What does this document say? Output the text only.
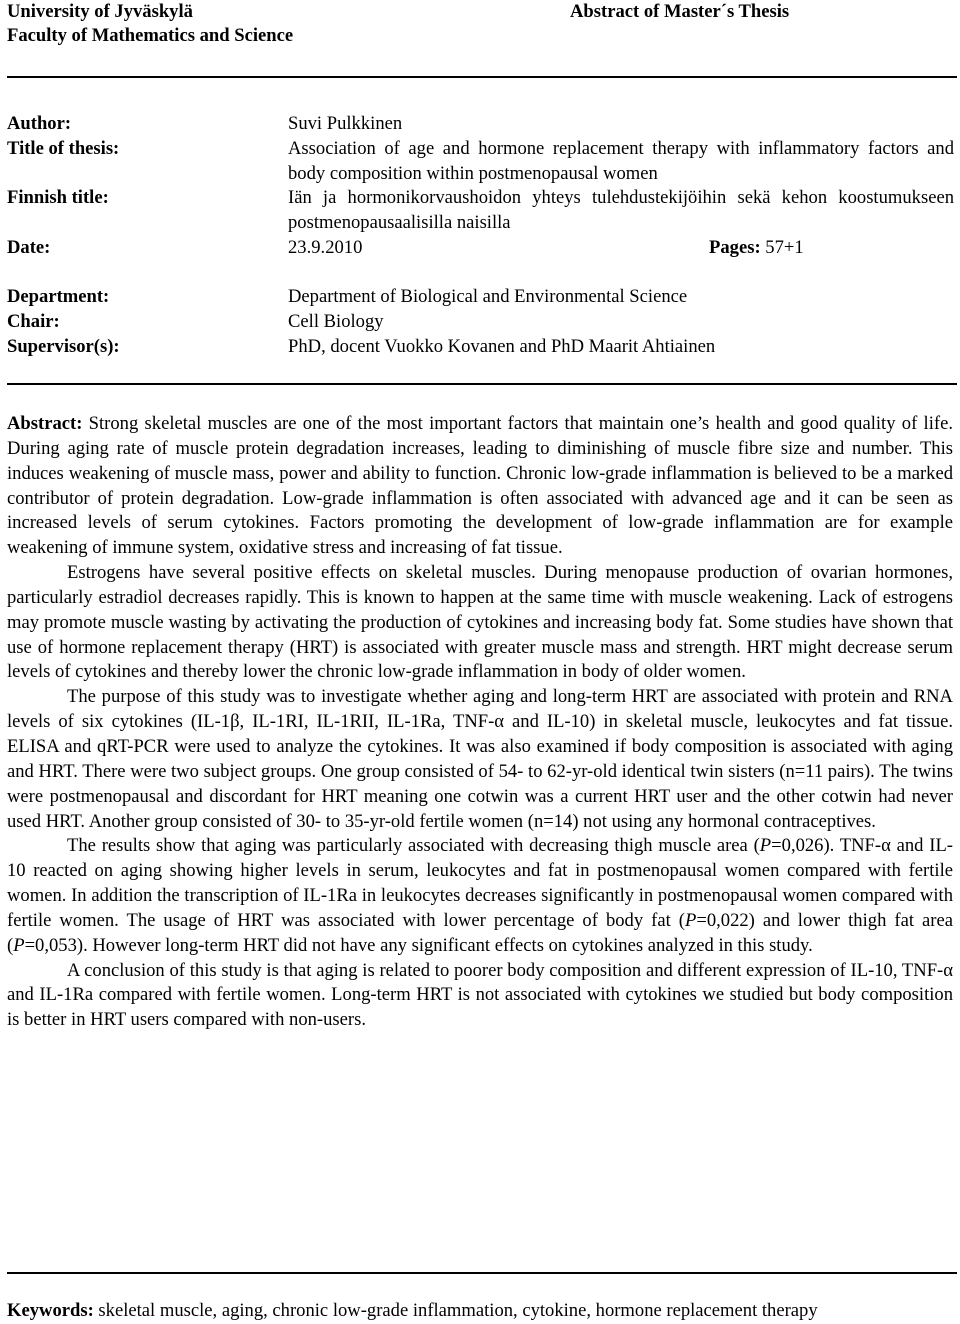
University of Jyväskylä
Faculty of Mathematics and Science
Abstract of Master´s Thesis
Author:	Suvi Pulkkinen
Title of thesis:	Association of age and hormone replacement therapy with inflammatory factors and body composition within postmenopausal women
Finnish title:	Iän ja hormonikorvaushoidon yhteys tulehdustekijöihin sekä kehon koostumukseen postmenopausaalisilla naisilla
Date:	23.9.2010	Pages: 57+1
Department:	Department of Biological and Environmental Science
Chair:	Cell Biology
Supervisor(s):	PhD, docent Vuokko Kovanen and PhD Maarit Ahtiainen

Abstract: Strong skeletal muscles are one of the most important factors that maintain one’s health and good quality of life. During aging rate of muscle protein degradation increases, leading to diminishing of muscle fibre size and number. This induces weakening of muscle mass, power and ability to function. Chronic low-grade inflammation is believed to be a marked contributor of protein degradation. Low-grade inflammation is often associated with advanced age and it can be seen as increased levels of serum cytokines. Factors promoting the development of low-grade inflammation are for example weakening of immune system, oxidative stress and increasing of fat tissue.

Estrogens have several positive effects on skeletal muscles. During menopause production of ovarian hormones, particularly estradiol decreases rapidly. This is known to happen at the same time with muscle weakening. Lack of estrogens may promote muscle wasting by activating the production of cytokines and increasing body fat. Some studies have shown that use of hormone replacement therapy (HRT) is associated with greater muscle mass and strength. HRT might decrease serum levels of cytokines and thereby lower the chronic low-grade inflammation in body of older women.

The purpose of this study was to investigate whether aging and long-term HRT are associated with protein and RNA levels of six cytokines (IL-1β, IL-1RI, IL-1RII, IL-1Ra, TNF-α and IL-10) in skeletal muscle, leukocytes and fat tissue. ELISA and qRT-PCR were used to analyze the cytokines. It was also examined if body composition is associated with aging and HRT. There were two subject groups. One group consisted of 54- to 62-yr-old identical twin sisters (n=11 pairs). The twins were postmenopausal and discordant for HRT meaning one cotwin was a current HRT user and the other cotwin had never used HRT. Another group consisted of 30- to 35-yr-old fertile women (n=14) not using any hormonal contraceptives.

The results show that aging was particularly associated with decreasing thigh muscle area (P=0,026). TNF-α and IL-10 reacted on aging showing higher levels in serum, leukocytes and fat in postmenopausal women compared with fertile women. In addition the transcription of IL-1Ra in leukocytes decreases significantly in postmenopausal women compared with fertile women. The usage of HRT was associated with lower percentage of body fat (P=0,022) and lower thigh fat area (P=0,053). However long-term HRT did not have any significant effects on cytokines analyzed in this study.

A conclusion of this study is that aging is related to poorer body composition and different expression of IL-10, TNF-α and IL-1Ra compared with fertile women. Long-term HRT is not associated with cytokines we studied but body composition is better in HRT users compared with non-users.

Keywords: skeletal muscle, aging, chronic low-grade inflammation, cytokine, hormone replacement therapy
